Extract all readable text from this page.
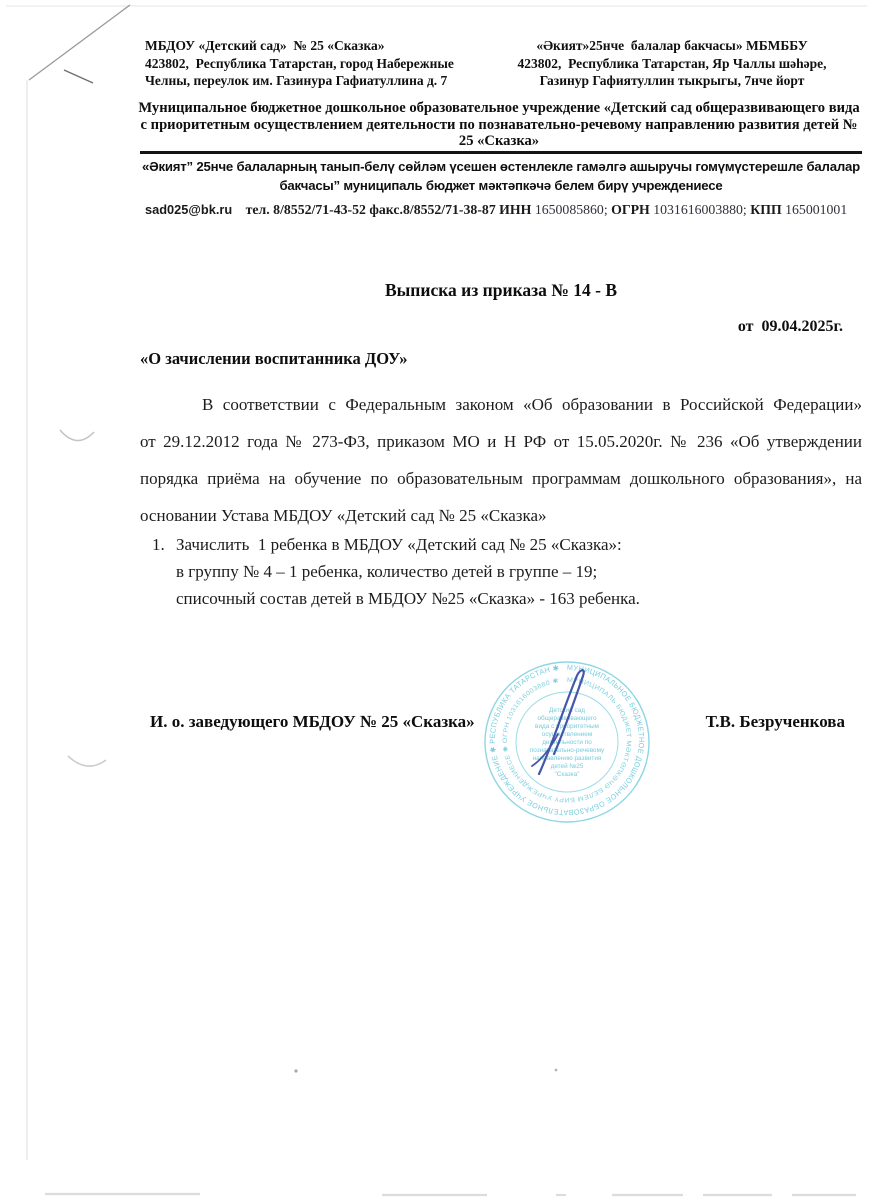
МБДОУ «Детский сад»  № 25 «Сказка»
423802,  Республика Татарстан, город Набережные
Челны, переулок им. Газинура Гафиатуллина д. 7
«Әкият»25нче  балалар бакчасы» МБМББУ
423802,  Республика Татарстан, Яр Чаллы шәһәре,
Газинур Гафиятуллин тыкрыгы, 7нче йорт
Муниципальное бюджетное дошкольное образовательное учреждение «Детский сад общеразвивающего вида с приоритетным осуществлением деятельности по познавательно-речевому направлению развития детей № 25 «Сказка»
«Әкият” 25нче балаларның танып-белү сөйләм үсешен өстенлекле гамәлгә ашыручы гомүмүстерешле балалар бакчасы” муниципаль бюджет мәктәпкәчә белем бирү учреждениесе
sad025@bk.ru тел. 8/8552/71-43-52 факс.8/8552/71-38-87 ИНН 1650085860; ОГРН 1031616003880; КПП 165001001
Выписка из приказа № 14 - В
от  09.04.2025г.
«О зачислении воспитанника ДОУ»
В соответствии с Федеральным законом «Об образовании в Российской Федерации»
от 29.12.2012 года № 273-ФЗ, приказом МО и Н РФ от 15.05.2020г. № 236 «Об утверждении
порядка приёма на обучение по образовательным программам дошкольного образования», на
основании Устава МБДОУ «Детский сад № 25 «Сказка»
1. Зачислить  1 ребенка в МБДОУ «Детский сад № 25 «Сказка»:
в группу № 4 – 1 ребенка, количество детей в группе – 19;
списочный состав детей в МБДОУ №25 «Сказка» - 163 ребенка.
И. о. заведующего МБДОУ № 25 «Сказка»	Т.В. Безрученкова
МУНИЦИПАЛЬНОЕ БЮДЖЕТНОЕ ДОШКОЛЬНОЕ ОБРАЗОВАТЕЛЬНОЕ УЧРЕЖДЕНИЕ ✱ РЕСПУБЛИКА ТАТАРСТАН ✱
МУНИЦИПАЛЬ БЮДЖЕТ МӘКТӘПКӘЧӘ БЕЛЕМ БИРҮ УЧРЕЖДЕНИЕСЕ ✱ ОГРН 1031616003880 ✱
Детский сад
общеразвивающего
вида с приоритетным
осуществлением
деятельности по
познавательно-речевому
направлению развития
детей №25
"Сказка"
